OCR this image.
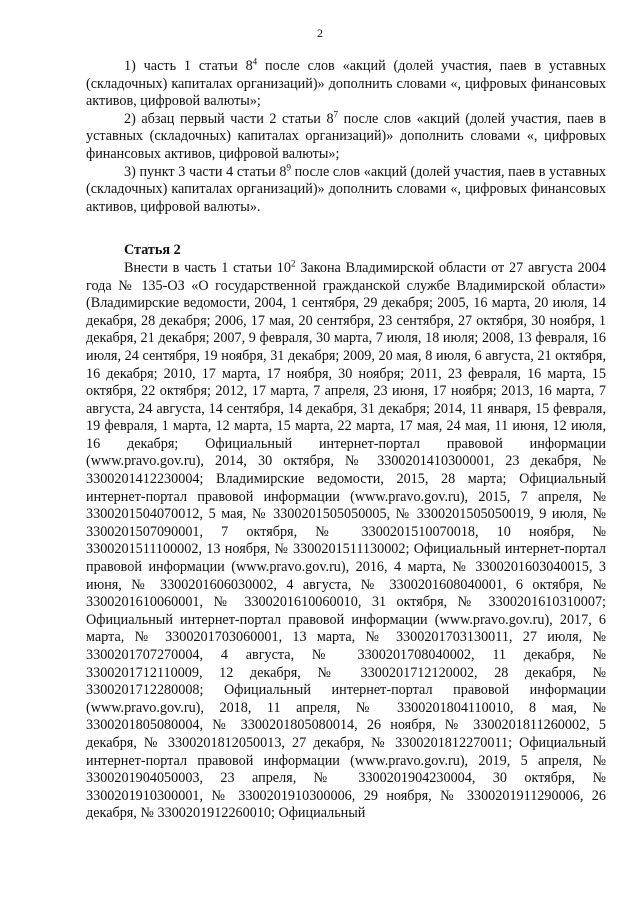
2

1) часть 1 статьи $8^4$ после слов «акций (долей участия, паев в уставных (складочных) капиталах организаций)» дополнить словами «, цифровых финансовых активов, цифровой валюты»;

2) абзац первый части 2 статьи $8^7$ после слов «акций (долей участия, паев в уставных (складочных) капиталах организаций)» дополнить словами «, цифровых финансовых активов, цифровой валюты»;

3) пункт 3 части 4 статьи $8^9$ после слов «акций (долей участия, паев в уставных (складочных) капиталах организаций)» дополнить словами «, цифровых финансовых активов, цифровой валюты».

Статья 2

Внести в часть 1 статьи $10^2$ Закона Владимирской области от 27 августа 2004 года № 135-ОЗ «О государственной гражданской службе Владимирской области» (Владимирские ведомости, 2004, 1 сентября, 29 декабря; 2005, 16 марта, 20 июля, 14 декабря, 28 декабря; 2006, 17 мая, 20 сентября, 23 сентября, 27 октября, 30 ноября, 1 декабря, 21 декабря; 2007, 9 февраля, 30 марта, 7 июля, 18 июля; 2008, 13 февраля, 16 июля, 24 сентября, 19 ноября, 31 декабря; 2009, 20 мая, 8 июля, 6 августа, 21 октября, 16 декабря; 2010, 17 марта, 17 ноября, 30 ноября; 2011, 23 февраля, 16 марта, 15 октября, 22 октября; 2012, 17 марта, 7 апреля, 23 июня, 17 ноября; 2013, 16 марта, 7 августа, 24 августа, 14 сентября, 14 декабря, 31 декабря; 2014, 11 января, 15 февраля, 19 февраля, 1 марта, 12 марта, 15 марта, 22 марта, 17 мая, 24 мая, 11 июня, 12 июля, 16 декабря; Официальный интернет-портал правовой информации (www.pravo.gov.ru), 2014, 30 октября, № 3300201410300001, 23 декабря, № 3300201412230004; Владимирские ведомости, 2015, 28 марта; Официальный интернет-портал правовой информации (www.pravo.gov.ru), 2015, 7 апреля, № 3300201504070012, 5 мая, № 3300201505050005, № 3300201505050019, 9 июля, № 3300201507090001, 7 октября, № 3300201510070018, 10 ноября, № 3300201511100002, 13 ноября, № 3300201511130002; Официальный интернет-портал правовой информации (www.pravo.gov.ru), 2016, 4 марта, № 3300201603040015, 3 июня, № 3300201606030002, 4 августа, № 3300201608040001, 6 октября, № 3300201610060001, № 3300201610060010, 31 октября, № 3300201610310007; Официальный интернет-портал правовой информации (www.pravo.gov.ru), 2017, 6 марта, № 3300201703060001, 13 марта, № 3300201703130011, 27 июля, № 3300201707270004, 4 августа, № 3300201708040002, 11 декабря, № 3300201712110009, 12 декабря, № 3300201712120002, 28 декабря, № 3300201712280008; Официальный интернет-портал правовой информации (www.pravo.gov.ru), 2018, 11 апреля, № 3300201804110010, 8 мая, № 3300201805080004, № 3300201805080014, 26 ноября, № 3300201811260002, 5 декабря, № 3300201812050013, 27 декабря, № 3300201812270011; Официальный интернет-портал правовой информации (www.pravo.gov.ru), 2019, 5 апреля, № 3300201904050003, 23 апреля, № 3300201904230004, 30 октября, № 3300201910300001, № 3300201910300006, 29 ноября, № 3300201911290006, 26 декабря, № 3300201912260010; Официальный
